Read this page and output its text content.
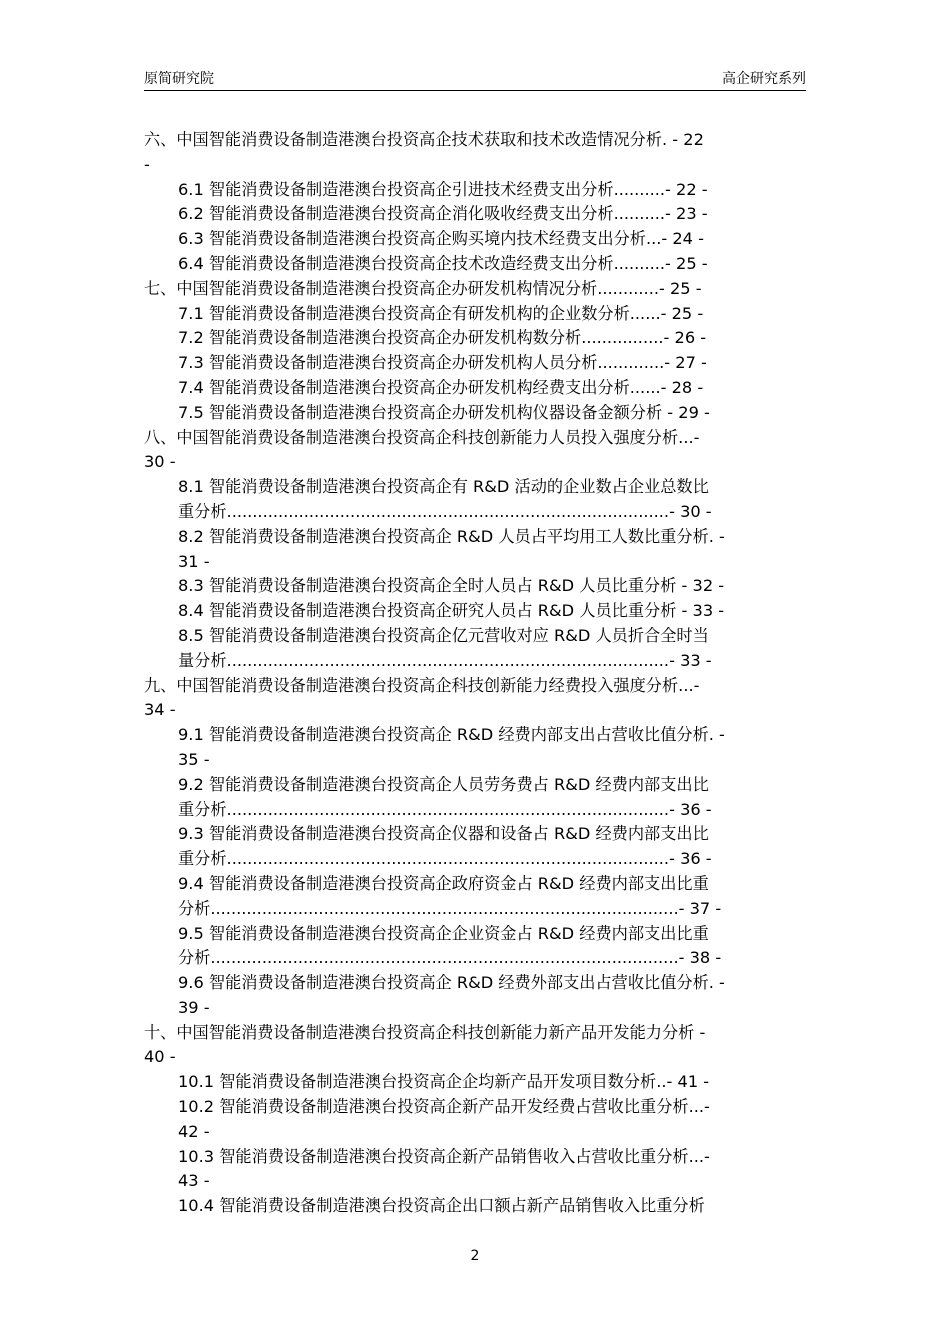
原简研究院	高企研究系列
六、中国智能消费设备制造港澳台投资高企技术获取和技术改造情况分析. - 22
-
6.1 智能消费设备制造港澳台投资高企引进技术经费支出分析..........- 22 -
6.2 智能消费设备制造港澳台投资高企消化吸收经费支出分析..........- 23 -
6.3 智能消费设备制造港澳台投资高企购买境内技术经费支出分析...- 24 -
6.4 智能消费设备制造港澳台投资高企技术改造经费支出分析..........- 25 -
七、中国智能消费设备制造港澳台投资高企办研发机构情况分析............- 25 -
7.1 智能消费设备制造港澳台投资高企有研发机构的企业数分析......- 25 -
7.2 智能消费设备制造港澳台投资高企办研发机构数分析................- 26 -
7.3 智能消费设备制造港澳台投资高企办研发机构人员分析.............- 27 -
7.4 智能消费设备制造港澳台投资高企办研发机构经费支出分析......- 28 -
7.5 智能消费设备制造港澳台投资高企办研发机构仪器设备金额分析 - 29 -
八、中国智能消费设备制造港澳台投资高企科技创新能力人员投入强度分析...-
30 -
8.1 智能消费设备制造港澳台投资高企有 R&D 活动的企业数占企业总数比
重分析......................................................................................- 30 -
8.2 智能消费设备制造港澳台投资高企 R&D 人员占平均用工人数比重分析. -
31 -
8.3 智能消费设备制造港澳台投资高企全时人员占 R&D 人员比重分析 - 32 -
8.4 智能消费设备制造港澳台投资高企研究人员占 R&D 人员比重分析 - 33 -
8.5 智能消费设备制造港澳台投资高企亿元营收对应 R&D 人员折合全时当
量分析......................................................................................- 33 -
九、中国智能消费设备制造港澳台投资高企科技创新能力经费投入强度分析...-
34 -
9.1 智能消费设备制造港澳台投资高企 R&D 经费内部支出占营收比值分析. -
35 -
9.2 智能消费设备制造港澳台投资高企人员劳务费占 R&D 经费内部支出比
重分析......................................................................................- 36 -
9.3 智能消费设备制造港澳台投资高企仪器和设备占 R&D 经费内部支出比
重分析......................................................................................- 36 -
9.4 智能消费设备制造港澳台投资高企政府资金占 R&D 经费内部支出比重
分析...........................................................................................- 37 -
9.5 智能消费设备制造港澳台投资高企企业资金占 R&D 经费内部支出比重
分析...........................................................................................- 38 -
9.6 智能消费设备制造港澳台投资高企 R&D 经费外部支出占营收比值分析. -
39 -
十、中国智能消费设备制造港澳台投资高企科技创新能力新产品开发能力分析 -
40 -
10.1 智能消费设备制造港澳台投资高企企均新产品开发项目数分析..- 41 -
10.2 智能消费设备制造港澳台投资高企新产品开发经费占营收比重分析...-
42 -
10.3 智能消费设备制造港澳台投资高企新产品销售收入占营收比重分析...-
43 -
10.4 智能消费设备制造港澳台投资高企出口额占新产品销售收入比重分析
2
